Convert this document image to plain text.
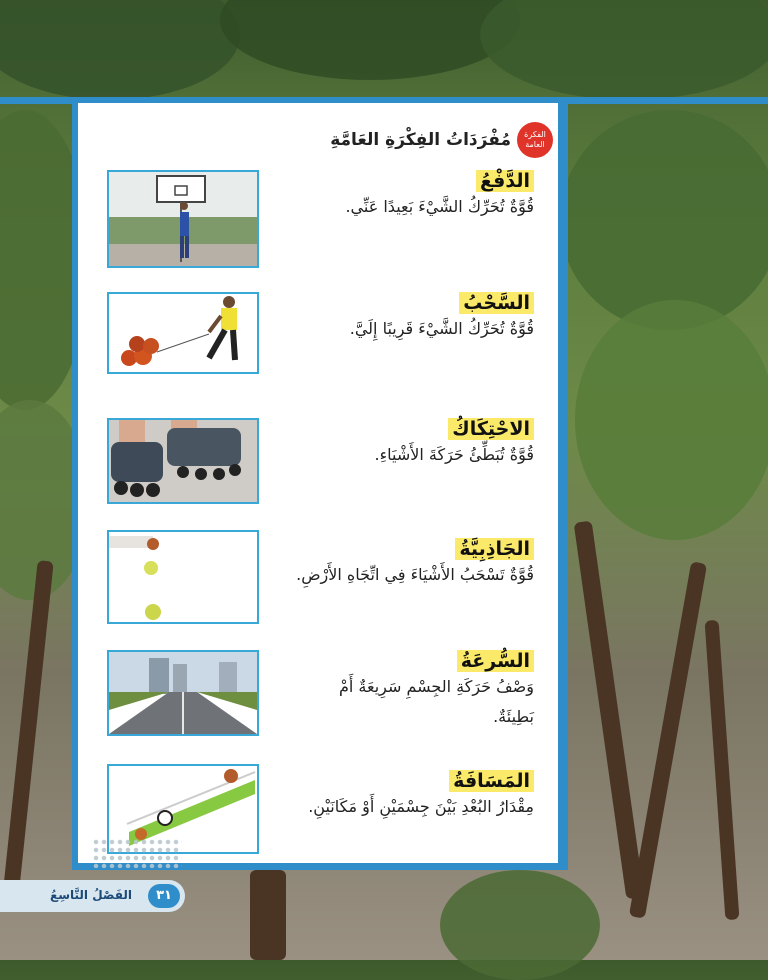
الفكرة العامة
مُفْرَدَاتُ الفِكْرَةِ العَامَّةِ
الدَّفْعُ
قُوَّةٌ تُحَرِّكُ الشَّيْءَ بَعِيدًا عَنِّي.
السَّحْبُ
قُوَّةٌ تُحَرِّكُ الشَّيْءَ قَرِيبًا إِلَيَّ.
الاحْتِكَاكُ
قُوَّةٌ تُبَطِّئُ حَرَكَةَ الأَشْيَاءِ.
الجَاذِبِيَّةُ
قُوَّةٌ تَسْحَبُ الأَشْيَاءَ فِي اتِّجَاهِ الأَرْضِ.
السُّرعَةُ
وَصْفُ حَرَكَةِ الجِسْمِ سَرِيعَةٌ أَمْ بَطِيئَةٌ.
المَسَافَةُ
مِقْدَارُ البُعْدِ بَيْنَ جِسْمَيْنِ أَوْ مَكَانَيْنِ.
الفَصْلُ التَّاسِعُ	٣١
